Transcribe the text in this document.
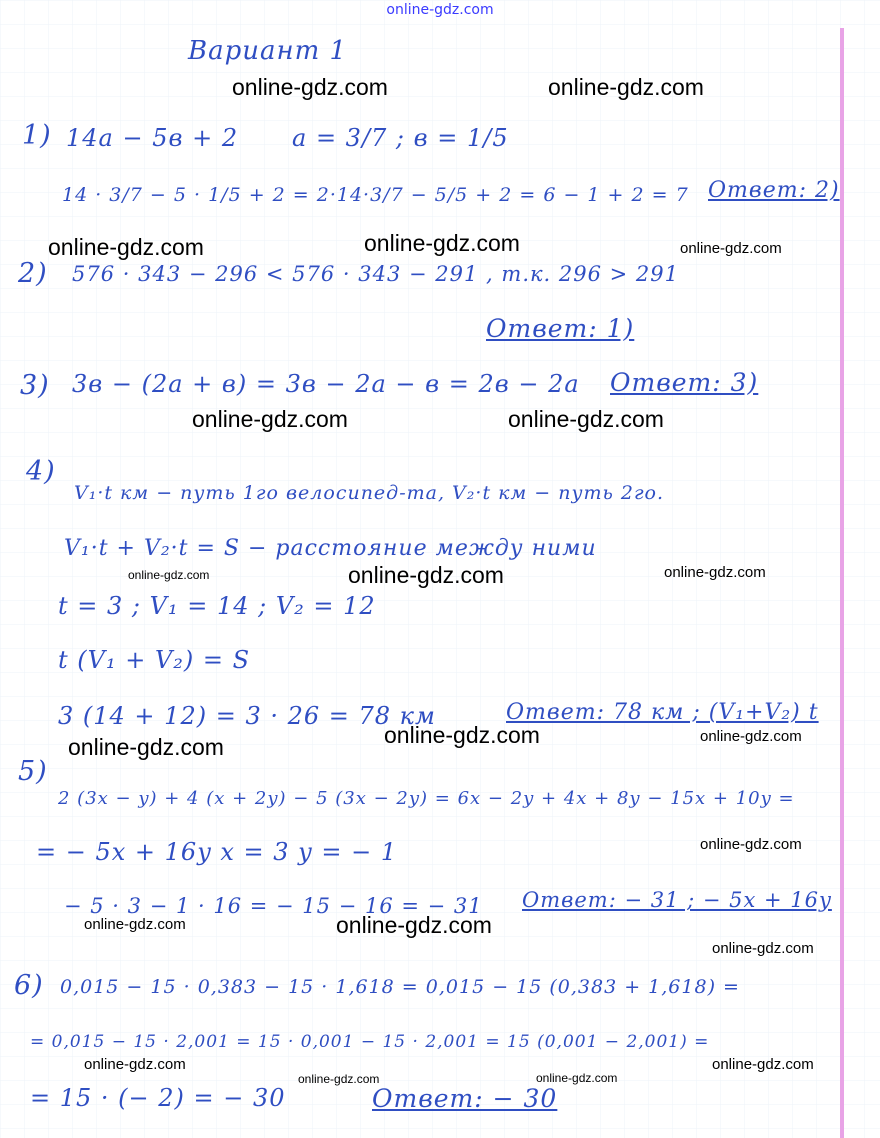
online-gdz.com
Вариант 1
1) 14a − 5в + 2 a = 3/7 ; в = 1/5
14 · 3/7 − 5 · 1/5 + 2 = 2·14·3/7 − 5/5 + 2 = 6 − 1 + 2 = 7 Ответ: 2)
2) 576 · 343 − 296 < 576 · 343 − 291 , т.к. 296 > 291
Ответ: 1)
3) 3в − (2a + в) = 3в − 2a − в = 2в − 2a Ответ: 3)
4)
V₁·t км − путь 1го велосипед-та, V₂·t км − путь 2го.
V₁·t + V₂·t = S − расстояние между ними
t = 3 ; V₁ = 14 ; V₂ = 12
t (V₁ + V₂) = S
3 (14 + 12) = 3 · 26 = 78 км	Ответ: 78 км ; (V₁+V₂) t
5)
2 (3x − y) + 4 (x + 2y) − 5 (3x − 2y) = 6x − 2y + 4x + 8y − 15x + 10y =
= − 5x + 16y x = 3 y = − 1
− 5 · 3 − 1 · 16 = − 15 − 16 = − 31 Ответ: − 31 ; − 5x + 16y
6) 0,015 − 15 · 0,383 − 15 · 1,618 = 0,015 − 15 (0,383 + 1,618) =
= 0,015 − 15 · 2,001 = 15 · 0,001 − 15 · 2,001 = 15 (0,001 − 2,001) =
= 15 · (− 2) = − 30	Ответ: − 30
online-gdz.com	online-gdz.com
online-gdz.com	online-gdz.com	online-gdz.com
online-gdz.com	online-gdz.com
online-gdz.com	online-gdz.com	online-gdz.com
online-gdz.com	online-gdz.com	online-gdz.com
online-gdz.com
online-gdz.com	online-gdz.com
online-gdz.com
online-gdz.com
online-gdz.com	online-gdz.com
online-gdz.com
